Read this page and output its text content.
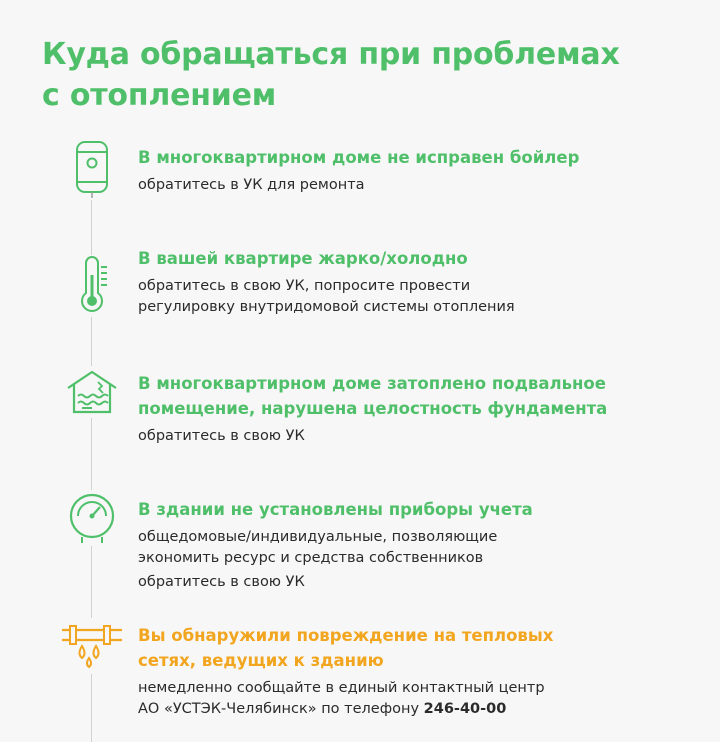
Куда обращаться при проблемах
с отоплением

В многоквартирном доме не исправен бойлер

обратитесь в УК для ремонта

В вашей квартире жарко/холодно

обратитесь в свою УК, попросите провести
регулировку внутридомовой системы отопления

В многоквартирном доме затоплено подвальное
помещение, нарушена целостность фундамента

обратитесь в свою УК

В здании не установлены приборы учета

общедомовые/индивидуальные, позволяющие
экономить ресурс и средства собственников

обратитесь в свою УК

Вы обнаружили повреждение на тепловых
сетях, ведущих к зданию

немедленно сообщайте в единый контактный центр
АО «УСТЭК-Челябинск» по телефону 246-40-00
